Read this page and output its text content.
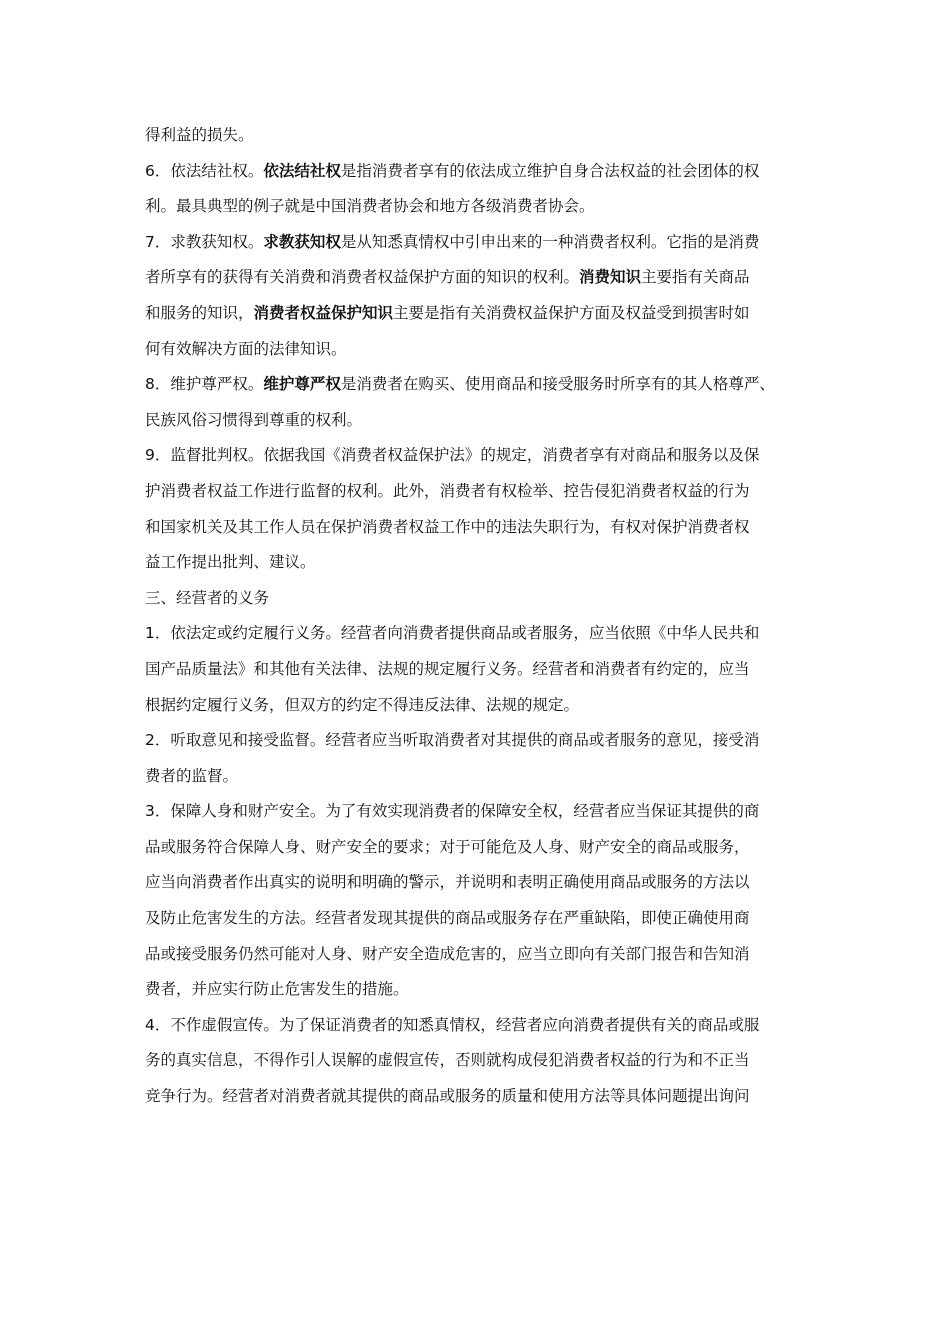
得利益的损失。
6．依法结社权。依法结社权是指消费者享有的依法成立维护自身合法权益的社会团体的权
利。最具典型的例子就是中国消费者协会和地方各级消费者协会。
7．求教获知权。求教获知权是从知悉真情权中引申出来的一种消费者权利。它指的是消费
者所享有的获得有关消费和消费者权益保护方面的知识的权利。消费知识主要指有关商品
和服务的知识，消费者权益保护知识主要是指有关消费权益保护方面及权益受到损害时如
何有效解决方面的法律知识。
8．维护尊严权。维护尊严权是消费者在购买、使用商品和接受服务时所享有的其人格尊严、
民族风俗习惯得到尊重的权利。
9．监督批判权。依据我国《消费者权益保护法》的规定，消费者享有对商品和服务以及保
护消费者权益工作进行监督的权利。此外，消费者有权检举、控告侵犯消费者权益的行为
和国家机关及其工作人员在保护消费者权益工作中的违法失职行为，有权对保护消费者权
益工作提出批判、建议。
三、经营者的义务
1．依法定或约定履行义务。经营者向消费者提供商品或者服务，应当依照《中华人民共和
国产品质量法》和其他有关法律、法规的规定履行义务。经营者和消费者有约定的，应当
根据约定履行义务，但双方的约定不得违反法律、法规的规定。
2．听取意见和接受监督。经营者应当听取消费者对其提供的商品或者服务的意见，接受消
费者的监督。
3．保障人身和财产安全。为了有效实现消费者的保障安全权，经营者应当保证其提供的商
品或服务符合保障人身、财产安全的要求；对于可能危及人身、财产安全的商品或服务，
应当向消费者作出真实的说明和明确的警示，并说明和表明正确使用商品或服务的方法以
及防止危害发生的方法。经营者发现其提供的商品或服务存在严重缺陷，即使正确使用商
品或接受服务仍然可能对人身、财产安全造成危害的，应当立即向有关部门报告和告知消
费者，并应实行防止危害发生的措施。
4．不作虚假宣传。为了保证消费者的知悉真情权，经营者应向消费者提供有关的商品或服
务的真实信息，不得作引人误解的虚假宣传，否则就构成侵犯消费者权益的行为和不正当
竞争行为。经营者对消费者就其提供的商品或服务的质量和使用方法等具体问题提出询问
